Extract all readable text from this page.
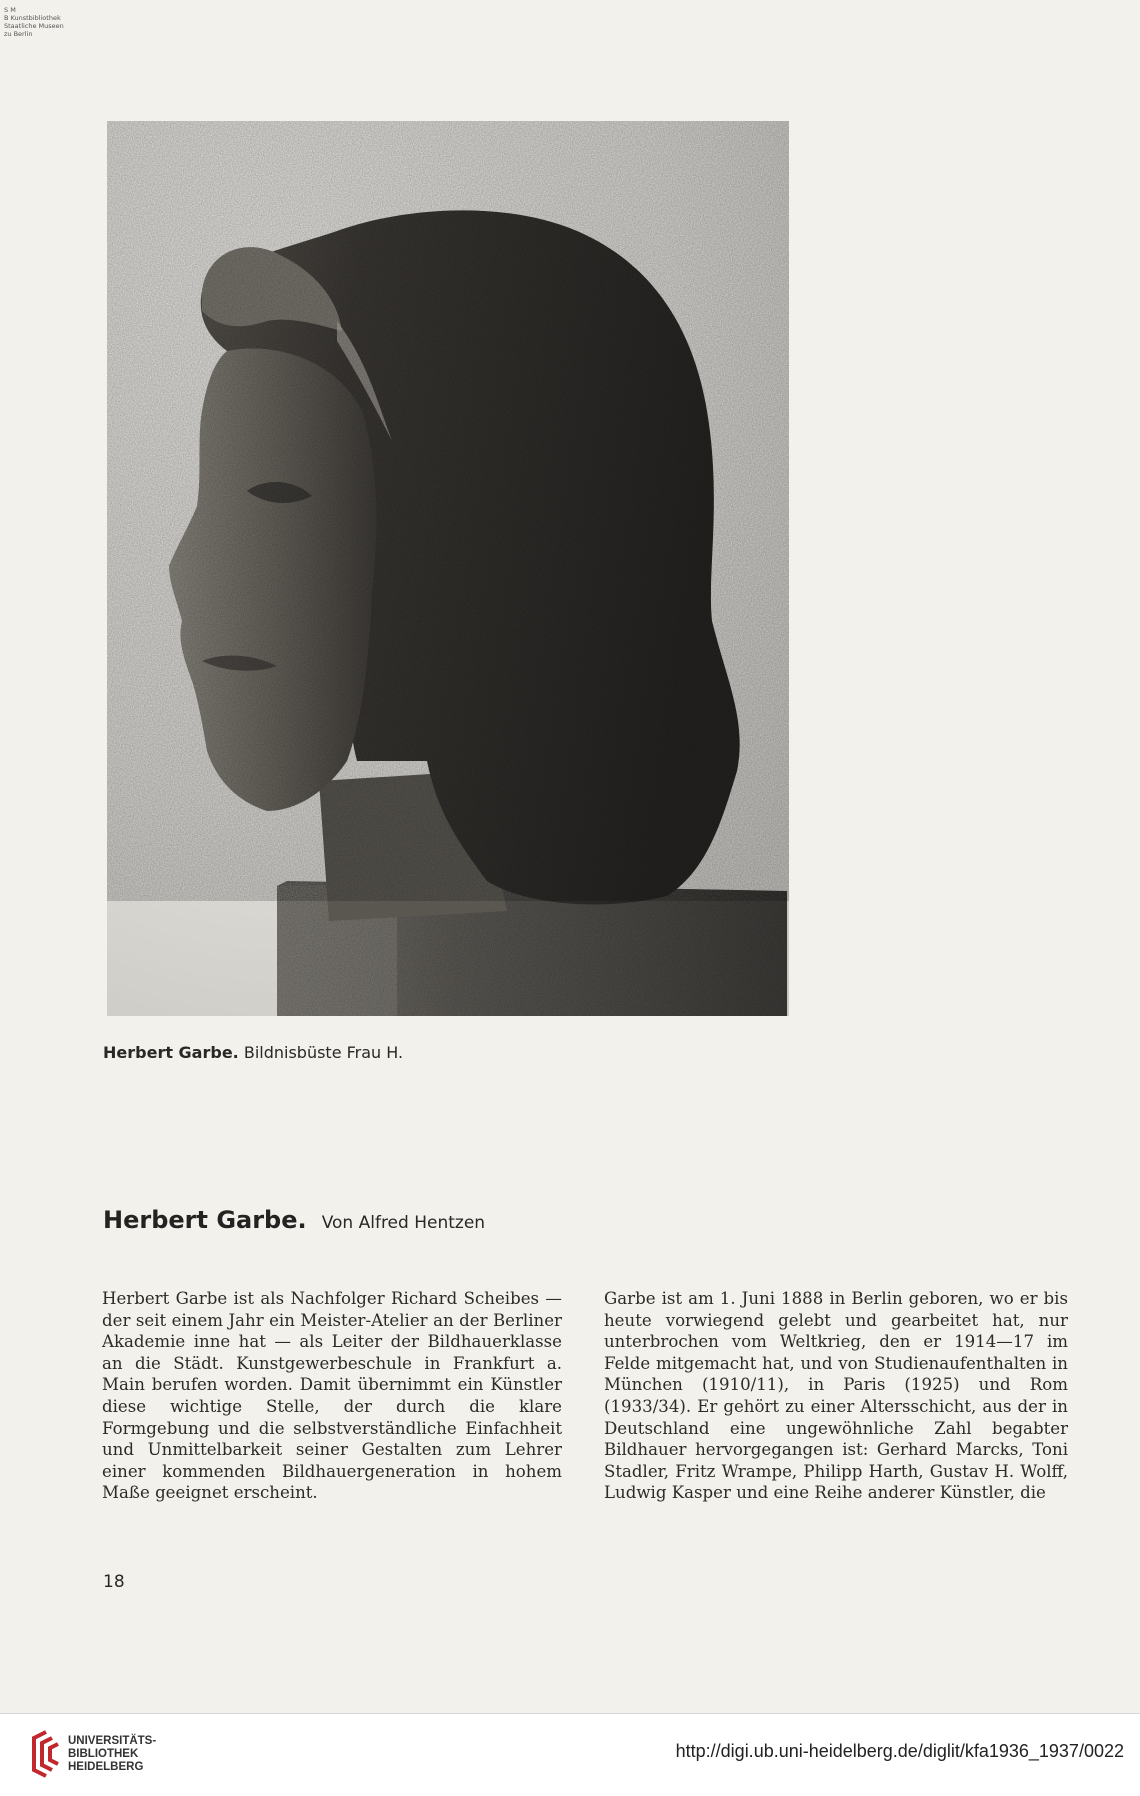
S M
B Kunstbibliothek
Staatliche Museen
zu Berlin
Herbert Garbe. Bildnisbüste Frau H.
Herbert Garbe. Von Alfred Hentzen
Herbert Garbe ist als Nachfolger Richard Scheibes — der seit einem Jahr ein Meister-Atelier an der Berliner Akademie inne hat — als Leiter der Bildhauerklasse an die Städt. Kunstgewerbeschule in Frankfurt a. Main berufen worden. Damit übernimmt ein Künstler diese wichtige Stelle, der durch die klare Formgebung und die selbstverständliche Einfachheit und Unmittelbarkeit seiner Gestalten zum Lehrer einer kommenden Bildhauergeneration in hohem Maße geeignet erscheint.
Garbe ist am 1. Juni 1888 in Berlin geboren, wo er bis heute vorwiegend gelebt und gearbeitet hat, nur unterbrochen vom Weltkrieg, den er 1914—17 im Felde mitgemacht hat, und von Studienaufenthalten in München (1910/11), in Paris (1925) und Rom (1933/34). Er gehört zu einer Altersschicht, aus der in Deutschland eine ungewöhnliche Zahl begabter Bildhauer hervorgegangen ist: Gerhard Marcks, Toni Stadler, Fritz Wrampe, Philipp Harth, Gustav H. Wolff, Ludwig Kasper und eine Reihe anderer Künstler, die
18
UNIVERSITÄTS-
BIBLIOTHEK
HEIDELBERG
http://digi.ub.uni-heidelberg.de/diglit/kfa1936_1937/0022
